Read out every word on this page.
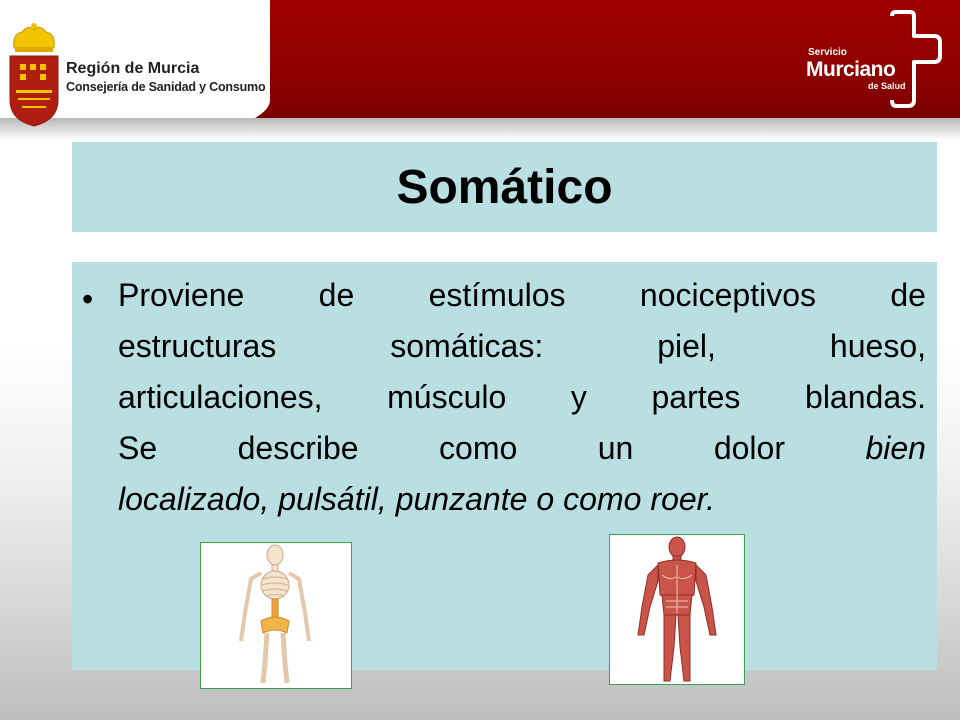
Región de Murcia
Consejería de Sanidad y Consumo
Servicio
Murciano
de Salud
Somático
• Proviene de estímulos nociceptivos de
estructuras	somáticas:	piel,	hueso,
articulaciones, músculo y partes blandas.
Se	describe	como	un	dolor	bien
localizado, pulsátil, punzante o como roer.
